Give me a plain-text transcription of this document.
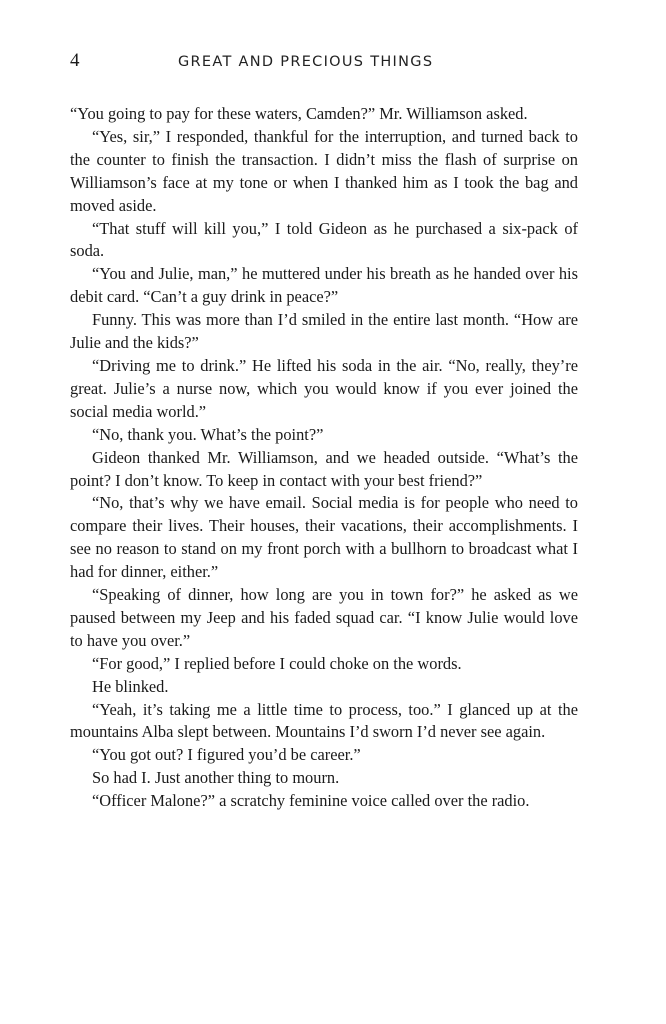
4	GREAT AND PRECIOUS THINGS

“You going to pay for these waters, Camden?” Mr. Williamson asked.

“Yes, sir,” I responded, thankful for the interruption, and turned back to the counter to finish the transaction. I didn’t miss the flash of surprise on Williamson’s face at my tone or when I thanked him as I took the bag and moved aside.

“That stuff will kill you,” I told Gideon as he purchased a six-pack of soda.

“You and Julie, man,” he muttered under his breath as he handed over his debit card. “Can’t a guy drink in peace?”

Funny. This was more than I’d smiled in the entire last month. “How are Julie and the kids?”

“Driving me to drink.” He lifted his soda in the air. “No, really, they’re great. Julie’s a nurse now, which you would know if you ever joined the social media world.”

“No, thank you. What’s the point?”

Gideon thanked Mr. Williamson, and we headed outside. “What’s the point? I don’t know. To keep in contact with your best friend?”

“No, that’s why we have email. Social media is for people who need to compare their lives. Their houses, their vacations, their accomplishments. I see no reason to stand on my front porch with a bullhorn to broadcast what I had for dinner, either.”

“Speaking of dinner, how long are you in town for?” he asked as we paused between my Jeep and his faded squad car. “I know Julie would love to have you over.”

“For good,” I replied before I could choke on the words.

He blinked.

“Yeah, it’s taking me a little time to process, too.” I glanced up at the mountains Alba slept between. Mountains I’d sworn I’d never see again.

“You got out? I figured you’d be career.”

So had I. Just another thing to mourn.

“Officer Malone?” a scratchy feminine voice called over the radio.
